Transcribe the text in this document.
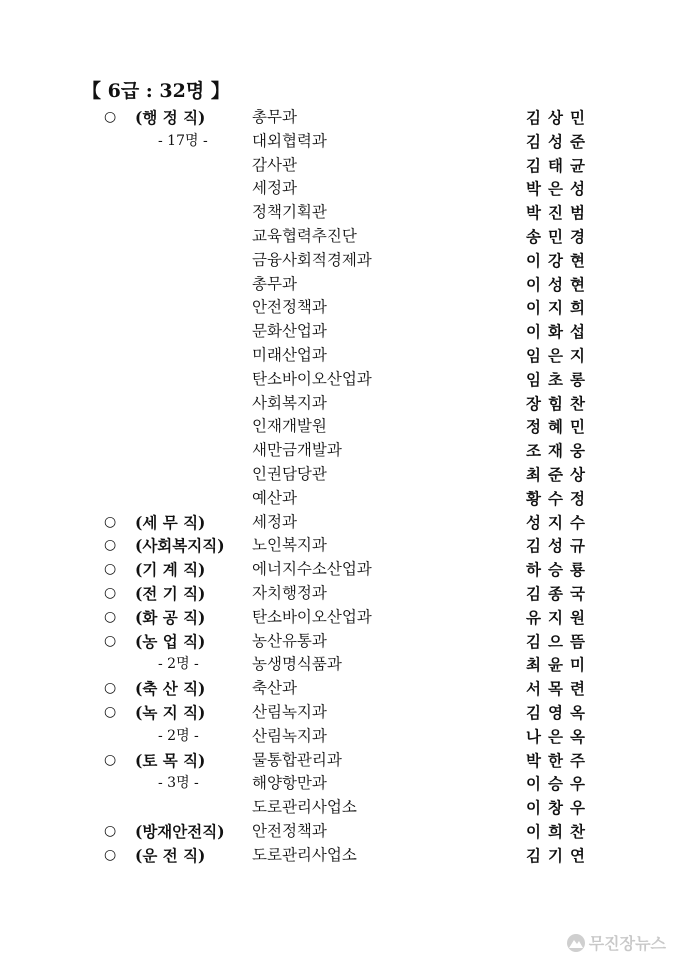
【 6급 : 32명 】
○ (행 정 직)	총무과	김상민
- 17명 -	대외협력과	김성준
감사관	김태균
세정과	박은성
정책기획관	박진범
교육협력추진단	송민경
금융사회적경제과	이강현
총무과	이성현
안전정책과	이지희
문화산업과	이화섭
미래산업과	임은지
탄소바이오산업과	임초롱
사회복지과	장힘찬
인재개발원	정혜민
새만금개발과	조재웅
인권담당관	최준상
예산과	황수정
○ (세 무 직)	세정과	성지수
○ (사회복지직) 노인복지과	김성규
○ (기 계 직)	에너지수소산업과	하승룡
○ (전 기 직)	자치행정과	김종국
○ (화 공 직)	탄소바이오산업과	유지원
○ (농 업 직)	농산유통과	김으뜸
- 2명 -	농생명식품과	최윤미
○ (축 산 직)	축산과	서목련
○ (녹 지 직)	산림녹지과	김영옥
- 2명 -	산림녹지과	나은옥
○ (토 목 직)	물통합관리과	박한주
- 3명 -	해양항만과	이승우
도로관리사업소	이창우
○ (방재안전직) 안전정책과	이희찬
○ (운 전 직)	도로관리사업소	김기연
무진장뉴스
